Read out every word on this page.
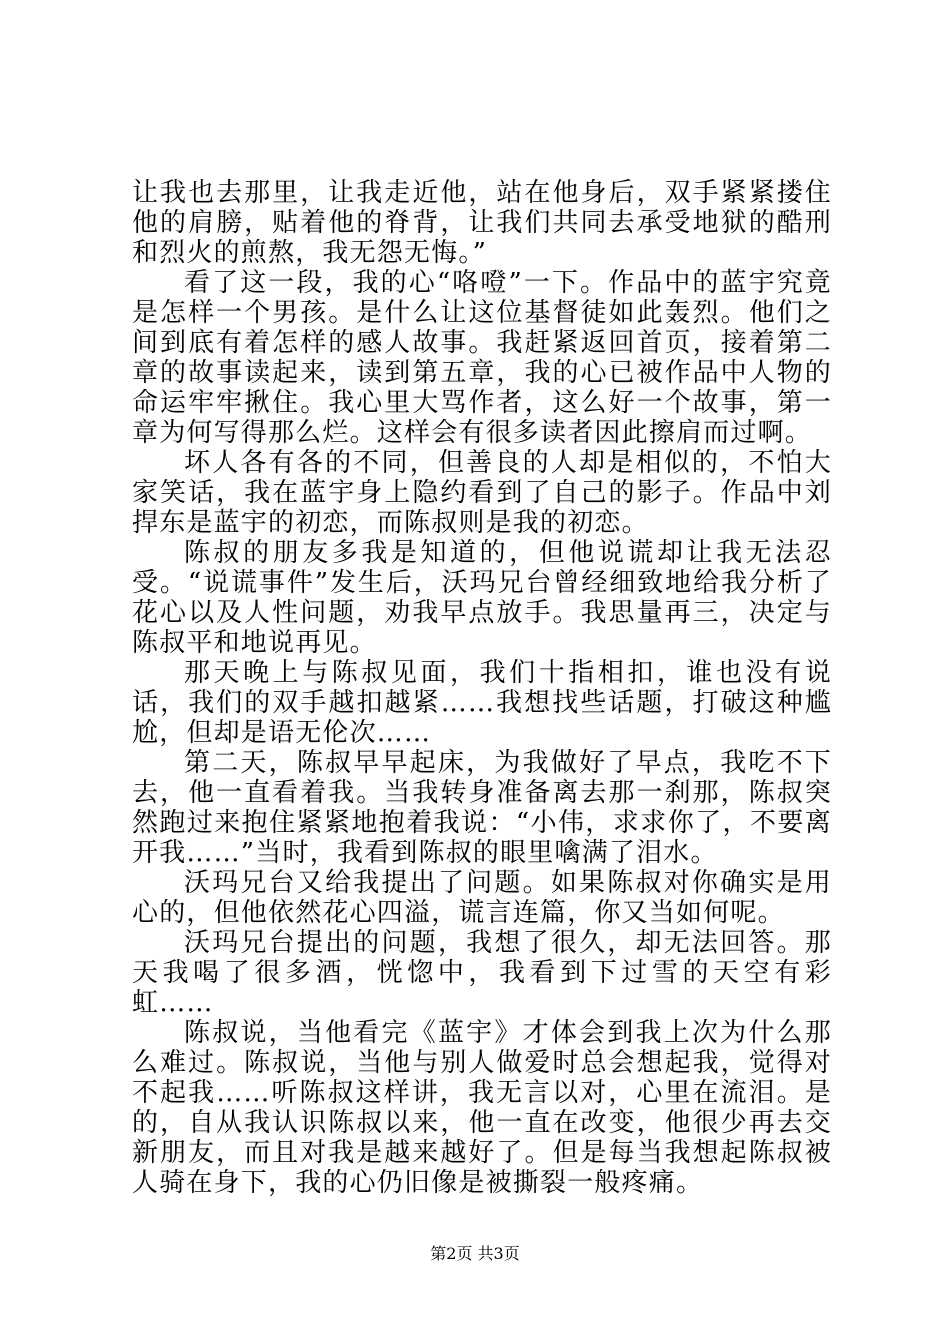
让我也去那里，让我走近他，站在他身后，双手紧紧搂住他的肩膀，贴着他的脊背，让我们共同去承受地狱的酷刑和烈火的煎熬，我无怨无悔。”

看了这一段，我的心“咯噔”一下。作品中的蓝宇究竟是怎样一个男孩。是什么让这位基督徒如此轰烈。他们之间到底有着怎样的感人故事。我赶紧返回首页，接着第二章的故事读起来，读到第五章，我的心已被作品中人物的命运牢牢揪住。我心里大骂作者，这么好一个故事，第一章为何写得那么烂。这样会有很多读者因此擦肩而过啊。

坏人各有各的不同，但善良的人却是相似的，不怕大家笑话，我在蓝宇身上隐约看到了自己的影子。作品中刘捍东是蓝宇的初恋，而陈叔则是我的初恋。

陈叔的朋友多我是知道的，但他说谎却让我无法忍受。“说谎事件”发生后，沃玛兄台曾经细致地给我分析了花心以及人性问题，劝我早点放手。我思量再三，决定与陈叔平和地说再见。

那天晚上与陈叔见面，我们十指相扣，谁也没有说话，我们的双手越扣越紧……我想找些话题，打破这种尴尬，但却是语无伦次……

第二天，陈叔早早起床，为我做好了早点，我吃不下去，他一直看着我。当我转身准备离去那一刹那，陈叔突然跑过来抱住紧紧地抱着我说：“小伟，求求你了，不要离开我……”当时，我看到陈叔的眼里噙满了泪水。

沃玛兄台又给我提出了问题。如果陈叔对你确实是用心的，但他依然花心四溢，谎言连篇，你又当如何呢。

沃玛兄台提出的问题，我想了很久，却无法回答。那天我喝了很多酒，恍惚中，我看到下过雪的天空有彩虹……

陈叔说，当他看完《蓝宇》才体会到我上次为什么那么难过。陈叔说，当他与别人做爱时总会想起我，觉得对不起我……听陈叔这样讲，我无言以对，心里在流泪。是的，自从我认识陈叔以来，他一直在改变，他很少再去交新朋友，而且对我是越来越好了。但是每当我想起陈叔被人骑在身下，我的心仍旧像是被撕裂一般疼痛。

第2页 共3页
